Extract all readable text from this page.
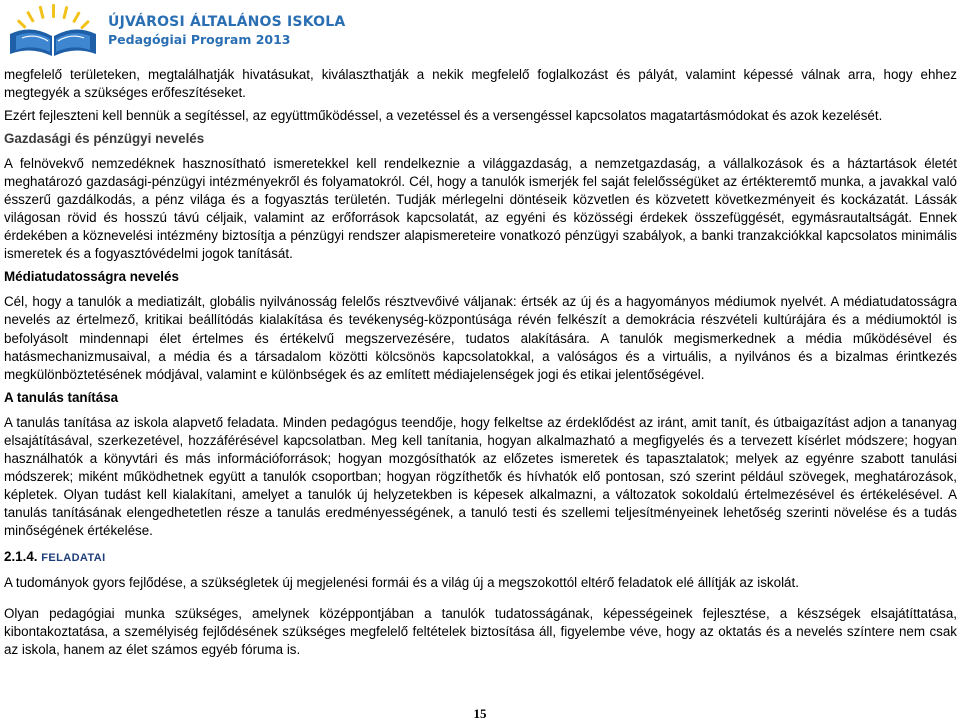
ÚJVÁROSI ÁLTALÁNOS ISKOLA
Pedagógiai Program 2013

megfelelő területeken, megtalálhatják hivatásukat, kiválaszthatják a nekik megfelelő foglalkozást és pályát, valamint képessé válnak arra, hogy ehhez megtegyék a szükséges erőfeszítéseket.

Ezért fejleszteni kell bennük a segítéssel, az együttműködéssel, a vezetéssel és a versengéssel kapcsolatos magatartásmódokat és azok kezelését.

Gazdasági és pénzügyi nevelés

A felnövekvő nemzedéknek hasznosítható ismeretekkel kell rendelkeznie a világgazdaság, a nemzetgazdaság, a vállalkozások és a háztartások életét meghatározó gazdasági-pénzügyi intézményekről és folyamatokról. Cél, hogy a tanulók ismerjék fel saját felelősségüket az értékteremtő munka, a javakkal való ésszerű gazdálkodás, a pénz világa és a fogyasztás területén. Tudják mérlegelni döntéseik közvetlen és közvetett következményeit és kockázatát. Lássák világosan rövid és hosszú távú céljaik, valamint az erőforrások kapcsolatát, az egyéni és közösségi érdekek összefüggését, egymásrautaltságát. Ennek érdekében a köznevelési intézmény biztosítja a pénzügyi rendszer alapismereteire vonatkozó pénzügyi szabályok, a banki tranzakciókkal kapcsolatos minimális ismeretek és a fogyasztóvédelmi jogok tanítását.

Médiatudatosságra nevelés

Cél, hogy a tanulók a mediatizált, globális nyilvánosság felelős résztvevőivé váljanak: értsék az új és a hagyományos médiumok nyelvét. A médiatudatosságra nevelés az értelmező, kritikai beállítódás kialakítása és tevékenység-központúsága révén felkészít a demokrácia részvételi kultúrájára és a médiumoktól is befolyásolt mindennapi élet értelmes és értékelvű megszervezésére, tudatos alakítására. A tanulók megismerkednek a média működésével és hatásmechanizmusaival, a média és a társadalom közötti kölcsönös kapcsolatokkal, a valóságos és a virtuális, a nyilvános és a bizalmas érintkezés megkülönböztetésének módjával, valamint e különbségek és az említett médiajelenségek jogi és etikai jelentőségével.

A tanulás tanítása

A tanulás tanítása az iskola alapvető feladata. Minden pedagógus teendője, hogy felkeltse az érdeklődést az iránt, amit tanít, és útbaigazítást adjon a tananyag elsajátításával, szerkezetével, hozzáférésével kapcsolatban. Meg kell tanítania, hogyan alkalmazható a megfigyelés és a tervezett kísérlet módszere; hogyan használhatók a könyvtári és más információforrások; hogyan mozgósíthatók az előzetes ismeretek és tapasztalatok; melyek az egyénre szabott tanulási módszerek; miként működhetnek együtt a tanulók csoportban; hogyan rögzíthetők és hívhatók elő pontosan, szó szerint például szövegek, meghatározások, képletek. Olyan tudást kell kialakítani, amelyet a tanulók új helyzetekben is képesek alkalmazni, a változatok sokoldalú értelmezésével és értékelésével. A tanulás tanításának elengedhetetlen része a tanulás eredményességének, a tanuló testi és szellemi teljesítményeinek lehetőség szerinti növelése és a tudás minőségének értékelése.

2.1.4. FELADATAI

A tudományok gyors fejlődése, a szükségletek új megjelenési formái és a világ új a megszokottól eltérő feladatok elé állítják az iskolát.

Olyan pedagógiai munka szükséges, amelynek középpontjában a tanulók tudatosságának, képességeinek fejlesztése, a készségek elsajátíttatása, kibontakoztatása, a személyiség fejlődésének szükséges megfelelő feltételek biztosítása áll, figyelembe véve, hogy az oktatás és a nevelés színtere nem csak az iskola, hanem az élet számos egyéb fóruma is.

15
